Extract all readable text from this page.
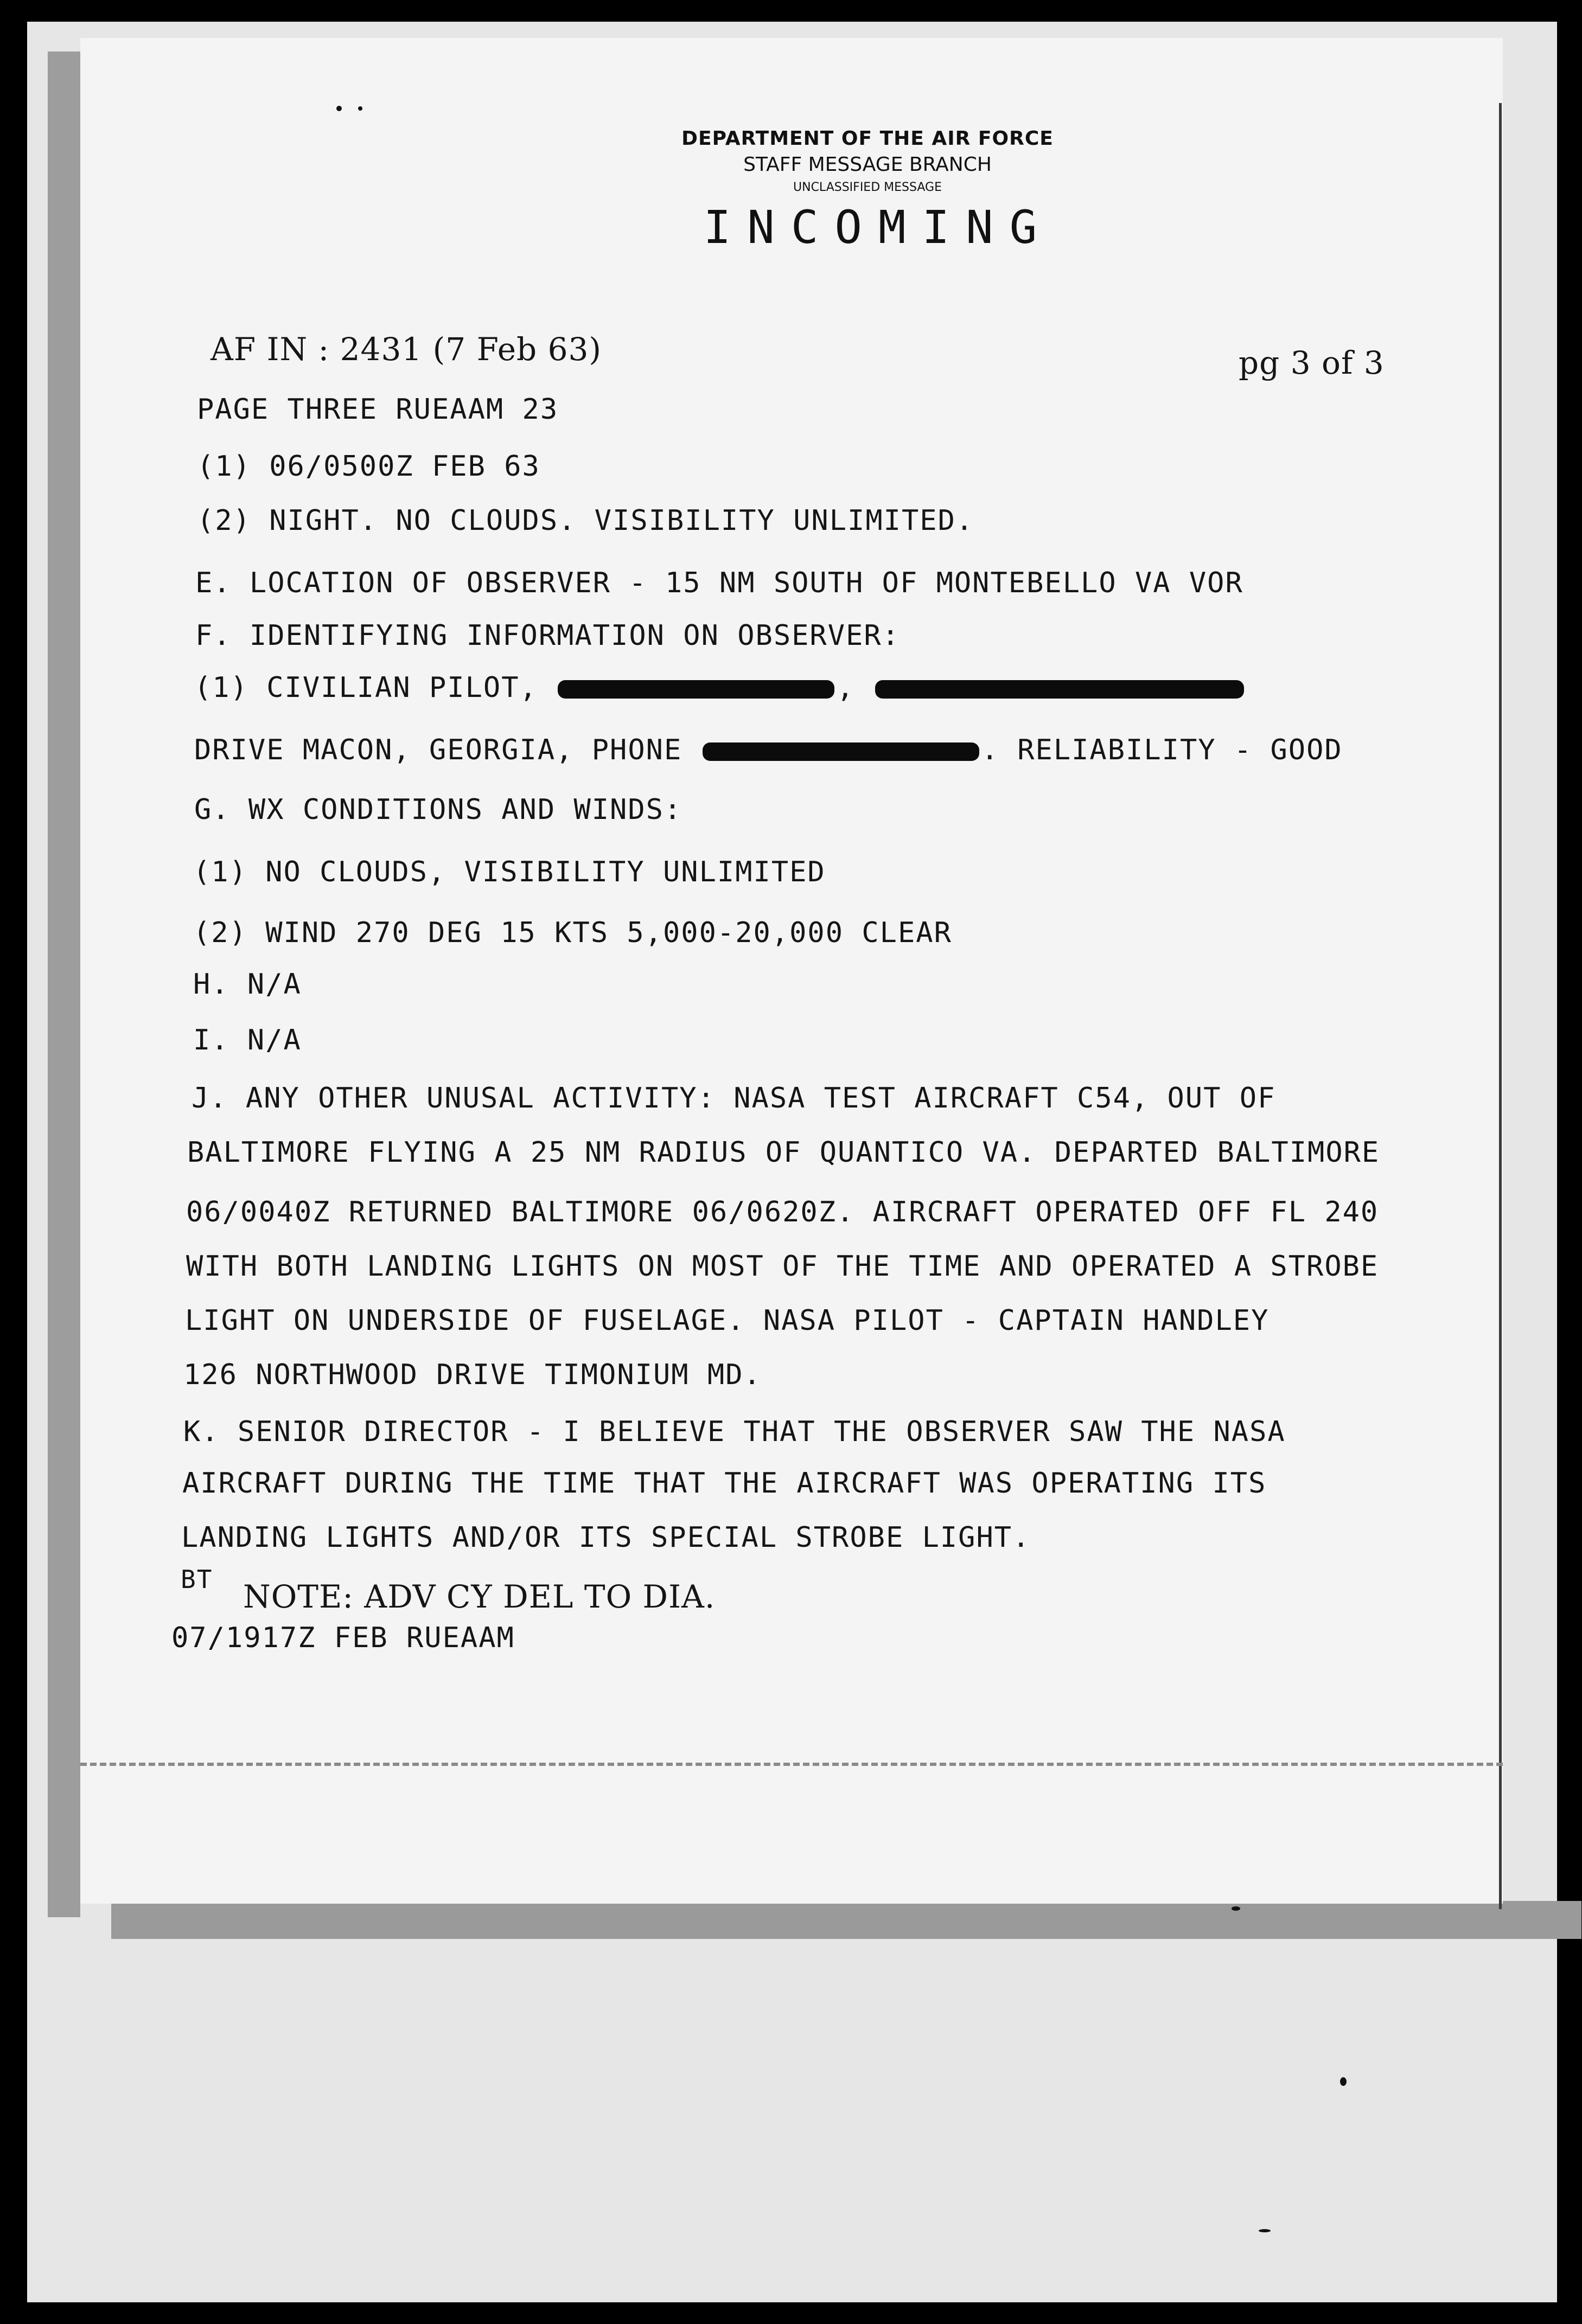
DEPARTMENT OF THE AIR FORCE
STAFF MESSAGE BRANCH
UNCLASSIFIED MESSAGE
INCOMING
AF IN : 2431 (7 Feb 63)	pg 3 of 3
PAGE THREE RUEAAM 23
(1) 06/0500Z FEB 63
(2) NIGHT. NO CLOUDS. VISIBILITY UNLIMITED.
E. LOCATION OF OBSERVER - 15 NM SOUTH OF MONTEBELLO VA VOR
F. IDENTIFYING INFORMATION ON OBSERVER:
(1) CIVILIAN PILOT,	,
DRIVE MACON, GEORGIA, PHONE	. RELIABILITY - GOOD
G. WX CONDITIONS AND WINDS:
(1) NO CLOUDS, VISIBILITY UNLIMITED
(2) WIND 270 DEG 15 KTS 5,000-20,000 CLEAR
H. N/A
I. N/A
J. ANY OTHER UNUSAL ACTIVITY: NASA TEST AIRCRAFT C54, OUT OF
BALTIMORE FLYING A 25 NM RADIUS OF QUANTICO VA. DEPARTED BALTIMORE
06/0040Z RETURNED BALTIMORE 06/0620Z. AIRCRAFT OPERATED OFF FL 240
WITH BOTH LANDING LIGHTS ON MOST OF THE TIME AND OPERATED A STROBE
LIGHT ON UNDERSIDE OF FUSELAGE. NASA PILOT - CAPTAIN HANDLEY
126 NORTHWOOD DRIVE TIMONIUM MD.
K. SENIOR DIRECTOR - I BELIEVE THAT THE OBSERVER SAW THE NASA
AIRCRAFT DURING THE TIME THAT THE AIRCRAFT WAS OPERATING ITS
LANDING LIGHTS AND/OR ITS SPECIAL STROBE LIGHT.
BT NOTE: ADV CY DEL TO DIA.
07/1917Z FEB RUEAAM
